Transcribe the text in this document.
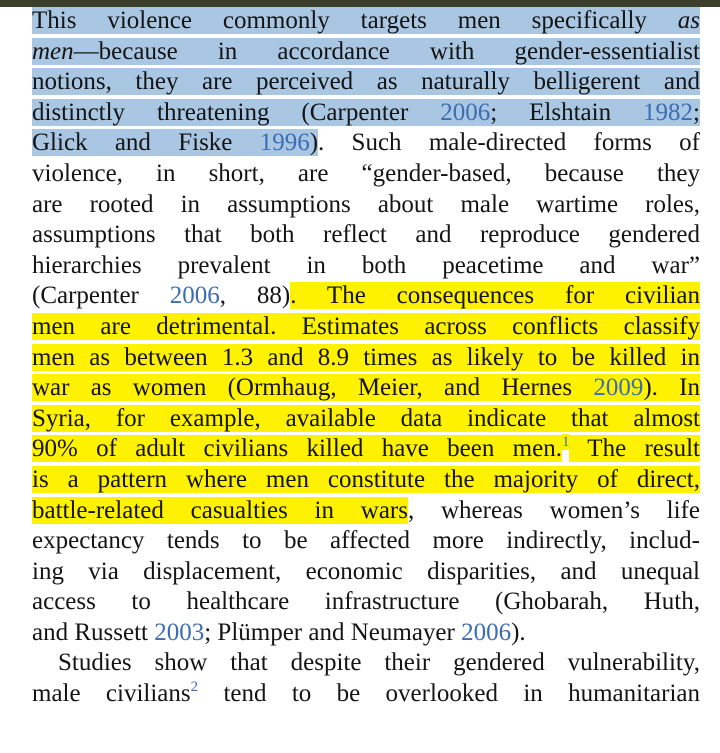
This violence commonly targets men specifically as
men—because in accordance with gender-essentialist
notions, they are perceived as naturally belligerent and
distinctly threatening (Carpenter 2006; Elshtain 1982;
Glick and Fiske 1996). Such male-directed forms of
violence, in short, are “gender-based, because they
are rooted in assumptions about male wartime roles,
assumptions that both reflect and reproduce gendered
hierarchies prevalent in both peacetime and war”
(Carpenter 2006, 88). The consequences for civilian
men are detrimental. Estimates across conflicts classify
men as between 1.3 and 8.9 times as likely to be killed in
war as women (Ormhaug, Meier, and Hernes 2009). In
Syria, for example, available data indicate that almost
90% of adult civilians killed have been men.$^1$ The result
is a pattern where men constitute the majority of direct,
battle-related casualties in wars, whereas women’s life
expectancy tends to be affected more indirectly, includ-
ing via displacement, economic disparities, and unequal
access to healthcare infrastructure (Ghobarah, Huth,
and Russett 2003; Plümper and Neumayer 2006).
Studies show that despite their gendered vulnerability,
male civilians$^2$ tend to be overlooked in humanitarian
